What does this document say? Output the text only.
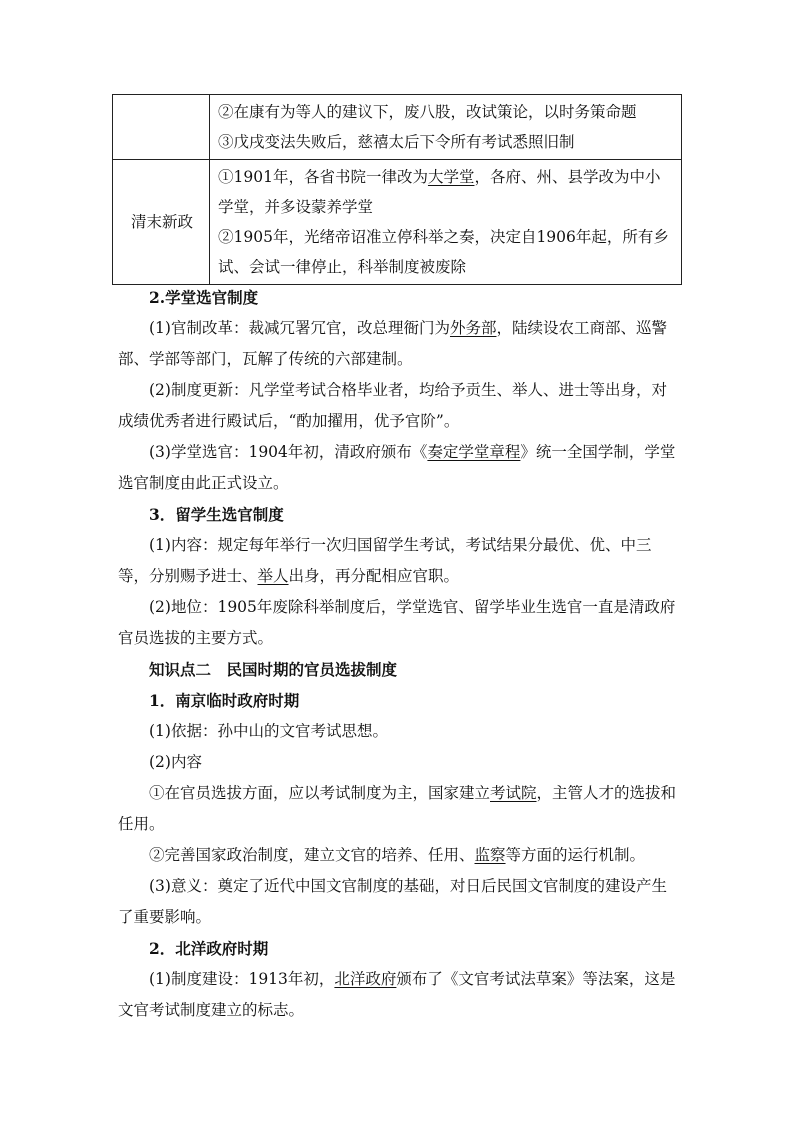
	②在康有为等人的建议下，废八股，改试策论，以时务策命题
③戊戌变法失败后，慈禧太后下令所有考试悉照旧制

清末新政	①1901年，各省书院一律改为大学堂，各府、州、县学改为中小学堂，并多设蒙养学堂
②1905年，光绪帝诏准立停科举之奏，决定自1906年起，所有乡试、会试一律停止，科举制度被废除

2.学堂选官制度

(1)官制改革：裁减冗署冗官，改总理衙门为外务部，陆续设农工商部、巡警部、学部等部门，瓦解了传统的六部建制。

(2)制度更新：凡学堂考试合格毕业者，均给予贡生、举人、进士等出身，对成绩优秀者进行殿试后，“酌加擢用，优予官阶”。

(3)学堂选官：1904年初，清政府颁布《奏定学堂章程》统一全国学制，学堂选官制度由此正式设立。

3．留学生选官制度

(1)内容：规定每年举行一次归国留学生考试，考试结果分最优、优、中三等，分别赐予进士、举人出身，再分配相应官职。

(2)地位：1905年废除科举制度后，学堂选官、留学毕业生选官一直是清政府官员选拔的主要方式。

知识点二　民国时期的官员选拔制度

1．南京临时政府时期

(1)依据：孙中山的文官考试思想。

(2)内容

①在官员选拔方面，应以考试制度为主，国家建立考试院，主管人才的选拔和任用。

②完善国家政治制度，建立文官的培养、任用、监察等方面的运行机制。

(3)意义：奠定了近代中国文官制度的基础，对日后民国文官制度的建设产生了重要影响。

2．北洋政府时期

(1)制度建设：1913年初，北洋政府颁布了《文官考试法草案》等法案，这是文官考试制度建立的标志。
